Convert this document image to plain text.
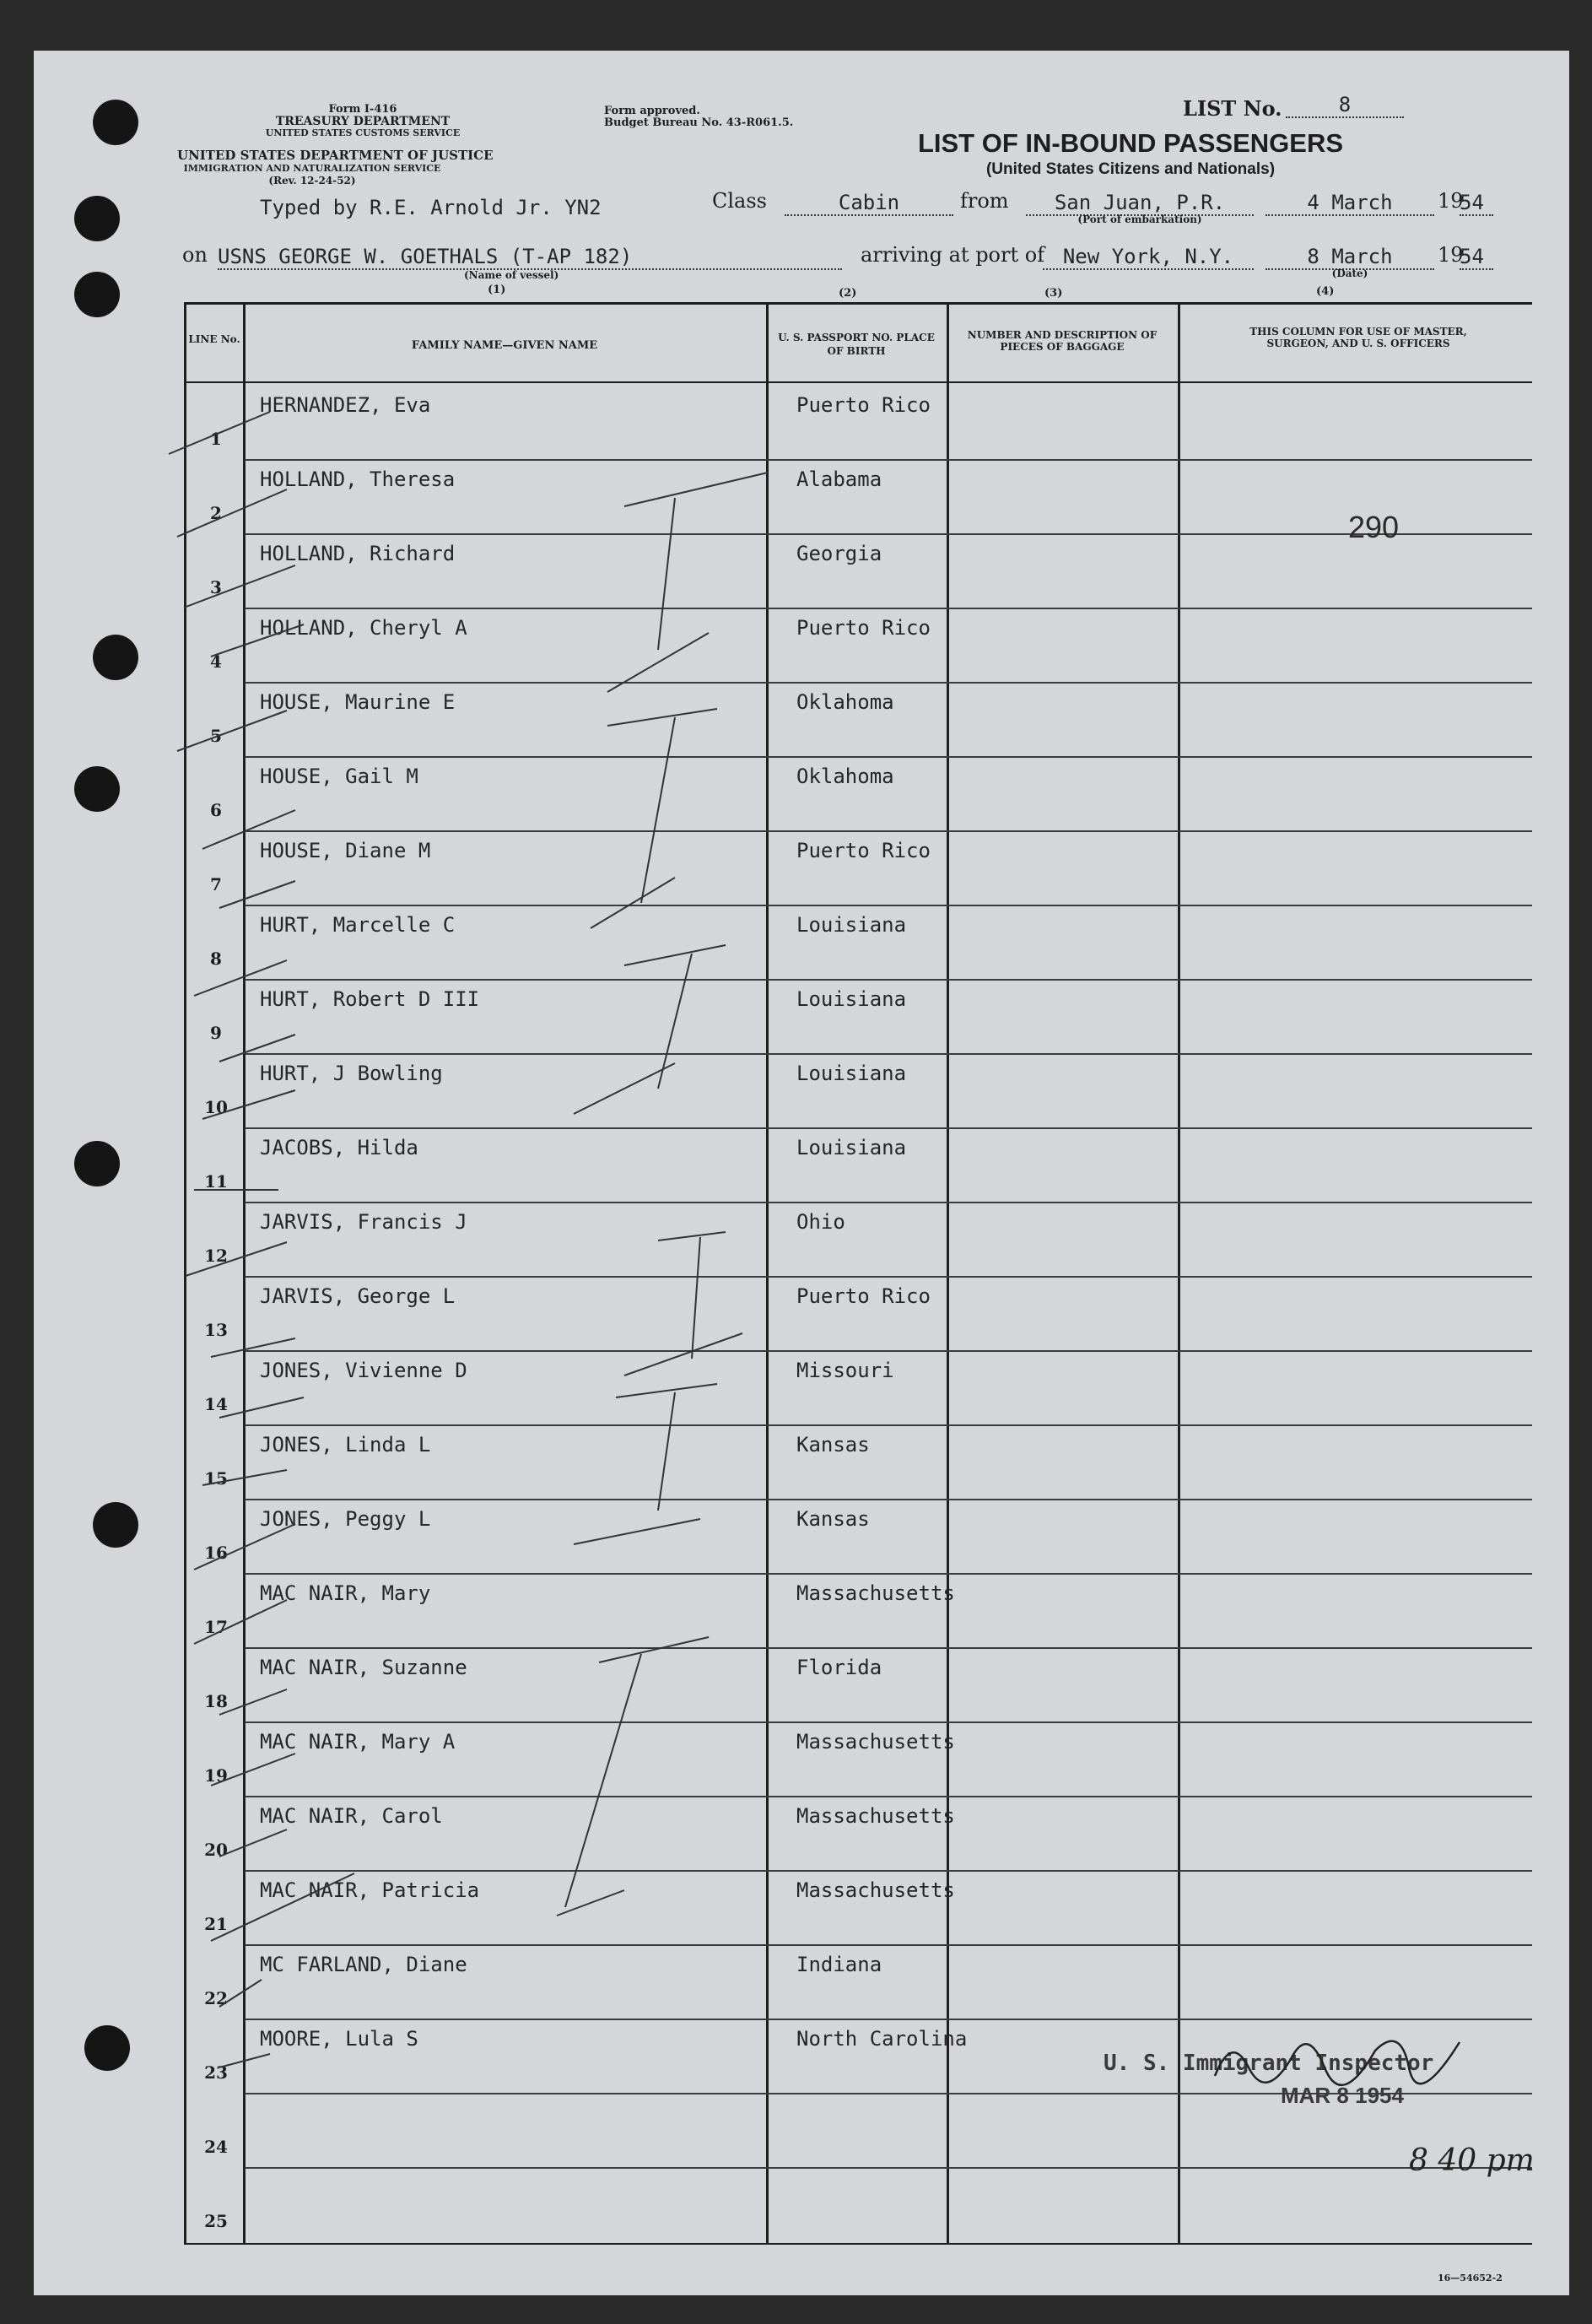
Form I-416
TREASURY DEPARTMENT
UNITED STATES CUSTOMS SERVICE
UNITED STATES DEPARTMENT OF JUSTICE
IMMIGRATION AND NATURALIZATION SERVICE
(Rev. 12-24-52)
Form approved.
Budget Bureau No. 43-R061.5.
LIST No.	8
LIST OF IN-BOUND PASSENGERS
(United States Citizens and Nationals)
Typed by R.E. Arnold Jr. YN2	Class	Cabin	from	San Juan, P.R.
(Port of embarkation)
4 March	19
54
on USNS GEORGE W. GOETHALS (T-AP 182)
(Name of vessel)
arriving at port of New York, N.Y.	8 March
(Date)
19
54
(1)	(2)	(3)	(4)
LINE No.	FAMILY NAME—GIVEN NAME
U. S. PASSPORT NO. PLACE OF BIRTH
NUMBER AND DESCRIPTION OF PIECES OF BAGGAGE
THIS COLUMN FOR USE OF MASTER, SURGEON, AND U. S. OFFICERS
1
HERNANDEZ, Eva	Puerto Rico
2
HOLLAND, Theresa	Alabama
3
HOLLAND, Richard	Georgia
4
HOLLAND, Cheryl A	Puerto Rico
5
HOUSE, Maurine E	Oklahoma
6
HOUSE, Gail M	Oklahoma
7
HOUSE, Diane M	Puerto Rico
8
HURT, Marcelle C	Louisiana
9
HURT, Robert D III	Louisiana
10
HURT, J Bowling	Louisiana
11
JACOBS, Hilda	Louisiana
12
JARVIS, Francis J	Ohio
13
JARVIS, George L	Puerto Rico
14
JONES, Vivienne D	Missouri
15
JONES, Linda L	Kansas
16
JONES, Peggy L	Kansas
17
MAC NAIR, Mary	Massachusetts
18
MAC NAIR, Suzanne	Florida
19
MAC NAIR, Mary A	Massachusetts
20
MAC NAIR, Carol	Massachusetts
21
MAC NAIR, Patricia	Massachusetts
22
MC FARLAND, Diane	Indiana
23
MOORE, Lula S	North Carolina
24
25
290
U. S. Immigrant Inspector
MAR 8 1954
8 40 pm
16—54652-2
